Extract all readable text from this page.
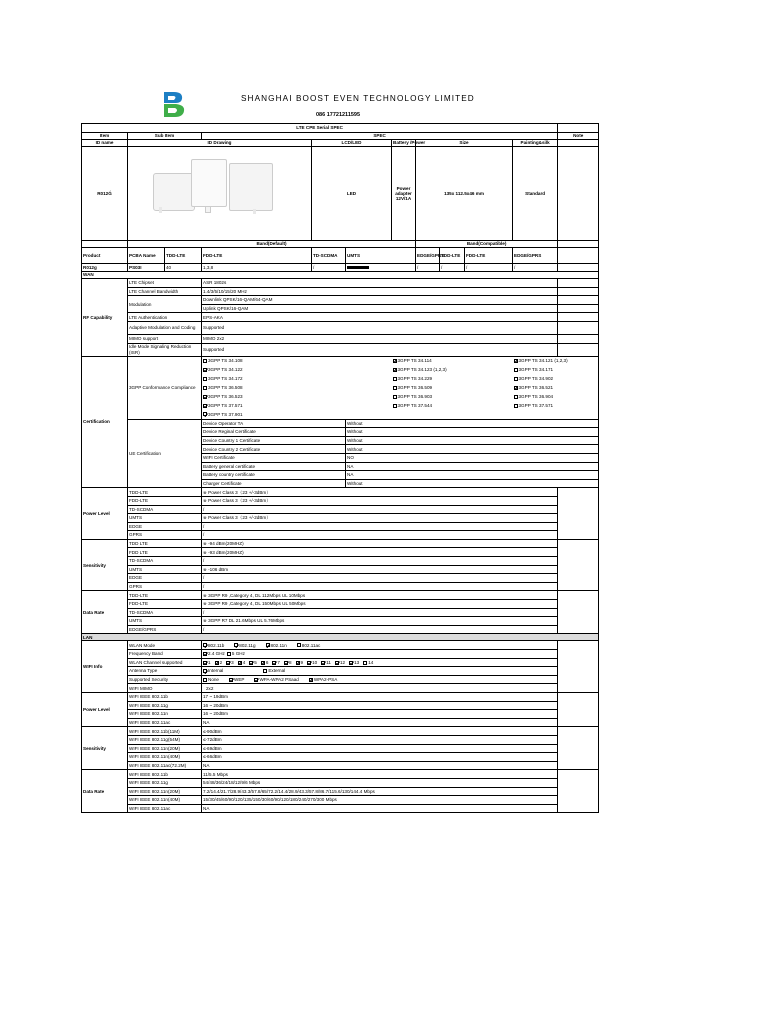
SHANGHAI BOOST EVEN TECHNOLOGY LIMITED
086 17721211595
LTE CPE Serial SPEC												
Item	Sub Item		SPEC								Note	
ID name	ID Drawing			LCD/LED		Battery /Power	Size			Painting&silk		
R012Ǵ				LED		Power adapter 12V/1A	135x 112.5x46 mm			Standard		
	Band(Default)						Band(Compatible)					
Product	PCBA Name	TDD-LTE	FDD-LTE	TD-SCDMA	UMTS		EDGE/GPRS	TDD-LTE	FDD-LTE	EDGE/GPRS		
R012g	PS03I	40	1,3,8	/			/	/	/	/		
WAN												
RF Capability	LTE Chipset		ASR 1802s									
	LTE Channel Bandwidth		1.4/3/5/10/15/20 MHz									
	Modulation		Downlink QPSK/16-QAM/64-QAM									
			Uplink QPSK/16-QAM									
	LTE Authentication		EPS-AKA									
	Adaptive Modulation and Coding		Supported									
	MIMO support		MIMO 2x2									
	Idle Mode Signaling Reduction (ISR)		Supported									
Certification	3GPP Conformance Compliance		3GPP TS 34.108			3GPP TS 34.114				3GPP TS 34.121 (1,2,3)		
			3GPP TS 34.122			3GPP TS 34.123 (1,2,3)				3GPP TS 34.171		
			3GPP TS 34.172			3GPP TS 34.229				3GPP TS 34.902		
			3GPP TS 36.508			3GPP TS 36.509				3GPP TS 36.521		
			3GPP TS 36.523			3GPP TS 36.903				3GPP TS 36.904		
			3GPP TS 37.571			3GPP TS 37.544				3GPP TS 37.571		
			3GPP TS 37.901									
	UE Certification		Device Operator TA		Without							
			Device Reginal Certificate		Without							
			Device Country 1 Certificate		Without							
			Device Country 2 Certificate		Without							
			WIFI Certificate		NO							
			Battery general certificate		NA							
			Battery country certificate		NA							
			Charger Certificate		Without							
Power Level	TDD-LTE		※ Power Class 3（23 +/-3dBm）									
	FDD-LTE		※ Power Class 3（23 +/-3dBm）									
	TD-SCDMA		/									
	UMTS		※ Power Class 3（23 +/-2dBm）									
	EDGE		/									
	GPRS		/									
Sensitivity	TDD LTE		※ -94 dBm(20MHZ)									
	FDD LTE		※ -93 dBm(20MHZ)									
	TD-SCDMA		/									
	UMTS		※ -106 dBm									
	EDGE		/									
	GPRS		/									
Data Rate	TDD-LTE		※ 3GPP R9 ,Category 4, DL 112Mbps UL 10Mbps									
	FDD-LTE		※ 3GPP R9 ,Category 4, DL 150Mbps UL 50Mbps									
	TD-SCDMA		/									
	UMTS		※ 3GPP R7 DL 21.6Mbps UL 5.76Mbps									
	EDGE/GPRS		/									
LAN												
WIFI Info	WLAN Mode		802.11b 802.11g 802.11n 802.11ac									
	Frequency Band		2.4 GHz 5 GHz									
	WLAN Channel supported		1 2 3 4 5 6 7 8 9 10 11 12 13 14									
	Antenna Type		Internal External									
	Supported Security		None WEP WPA-WPA2 PSaad WPA2-PSA									
	WIFI MIMO		2x2									
Power Level	WIFI IEEE 802.11b		17 ~ 19dBm									
	WIFI IEEE 802.11g		16 ~ 20dBm									
	WIFI IEEE 802.11n		16 ~ 20dBm									
	WIFI IEEE 802.11ac		NA									
Sensitivity	WIFI IEEE 802.11b(11M)		≤-90dBm									
	WIFI IEEE 802.11g(54M)		≤-72dBm									
	WIFI IEEE 802.11n(20M)		≤-69dBm									
	WIFI IEEE 802.11n(40M)		≤-66dBm									
	WIFI IEEE 802.11ac(72.2M)		NA									
Data Rate	WIFI IEEE 802.11b		11/5.5 Mbps									
	WIFI IEEE 802.11g		54/48/36/24/18/12/9/6 Mbps									
	WIFI IEEE 802.11n(20M)		7.2/14.4/21.7/28.9/43.3/57.8/65/72.2/14.4/28.9/43.3/57.8/86.7/115.6/130/144.4 Mbps									
	WIFI IEEE 802.11n(40M)		15/30/45/60/90/120/135/150/30/60/90/120/180/240/270/300 Mbps									
	WIFI IEEE 802.11ac		NA									
